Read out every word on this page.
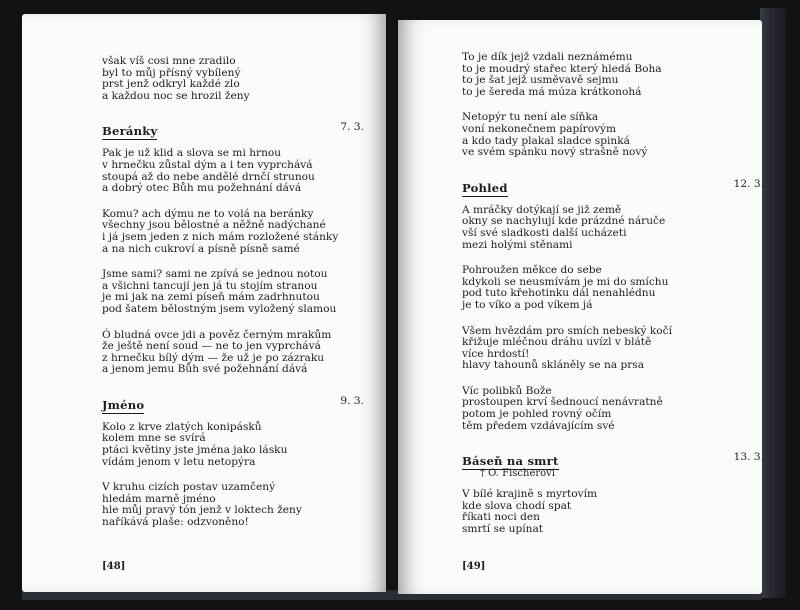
však víš cosi mne zradilo
byl to můj přísný vybílený
prst jenž odkryl každé zlo
a každou noc se hrozil ženy
Beránky	7. 3.
Pak je už klid a slova se mi hrnou
v hrnečku zůstal dým a i ten vyprchává
stoupá až do nebe andělé drnčí strunou
a dobrý otec Bůh mu požehnání dává
Komu? ach dýmu ne to volá na beránky
všechny jsou bělostné a něžně nadýchané
i já jsem jeden z nich mám rozložené stánky
a na nich cukroví a písně písně samé
Jsme sami? sami ne zpívá se jednou notou
a všichni tancují jen já tu stojím stranou
je mi jak na zemi píseň mám zadrhnutou
pod šatem bělostným jsem vyložený slamou
Ó bludná ovce jdi a pověz černým mrakům
že ještě není soud — ne to jen vyprchává
z hrnečku bílý dým — že už je po zázraku
a jenom jemu Bůh své požehnání dává
Jméno	9. 3.
Kolo z krve zlatých konipásků
kolem mne se svírá
ptáci květiny jste jména jako lásku
vídám jenom v letu netopýra
V kruhu cizích postav uzamčený
hledám marně jméno
hle můj pravý tón jenž v loktech ženy
naříkává plaše: odzvoněno!
[48]
To je dík jejž vzdali neznámému
to je moudrý stařec který hledá Boha
to je šat jejž usměvavě sejmu
to je šereda má múza krátkonohá
Netopýr tu není ale síňka
voní nekonečnem papírovým
a kdo tady plakal sladce spinká
ve svém spánku nový strašně nový
Pohled	12. 3.
A mráčky dotýkají se již země
okny se nachylují kde prázdné náruče
vší své sladkosti další ucházeti
mezi holými stěnami
Pohroužen měkce do sebe
kdykoli se neusmívám je mi do smíchu
pod tuto křehotinku dál nenahlédnu
je to víko a pod víkem já
Všem hvězdám pro smích nebeský kočí
křižuje mléčnou dráhu uvízl v blátě
více hrdostí!
hlavy tahounů skláněly se na prsa
Víc polibků Bože
prostoupen krví šednoucí nenávratně
potom je pohled rovný očím
těm předem vzdávajícím své
Báseň na smrt	13. 3.
† O. Fischerovi
V bílé krajině s myrtovím
kde slova chodí spat
říkati noci den
smrtí se upínat
[49]
